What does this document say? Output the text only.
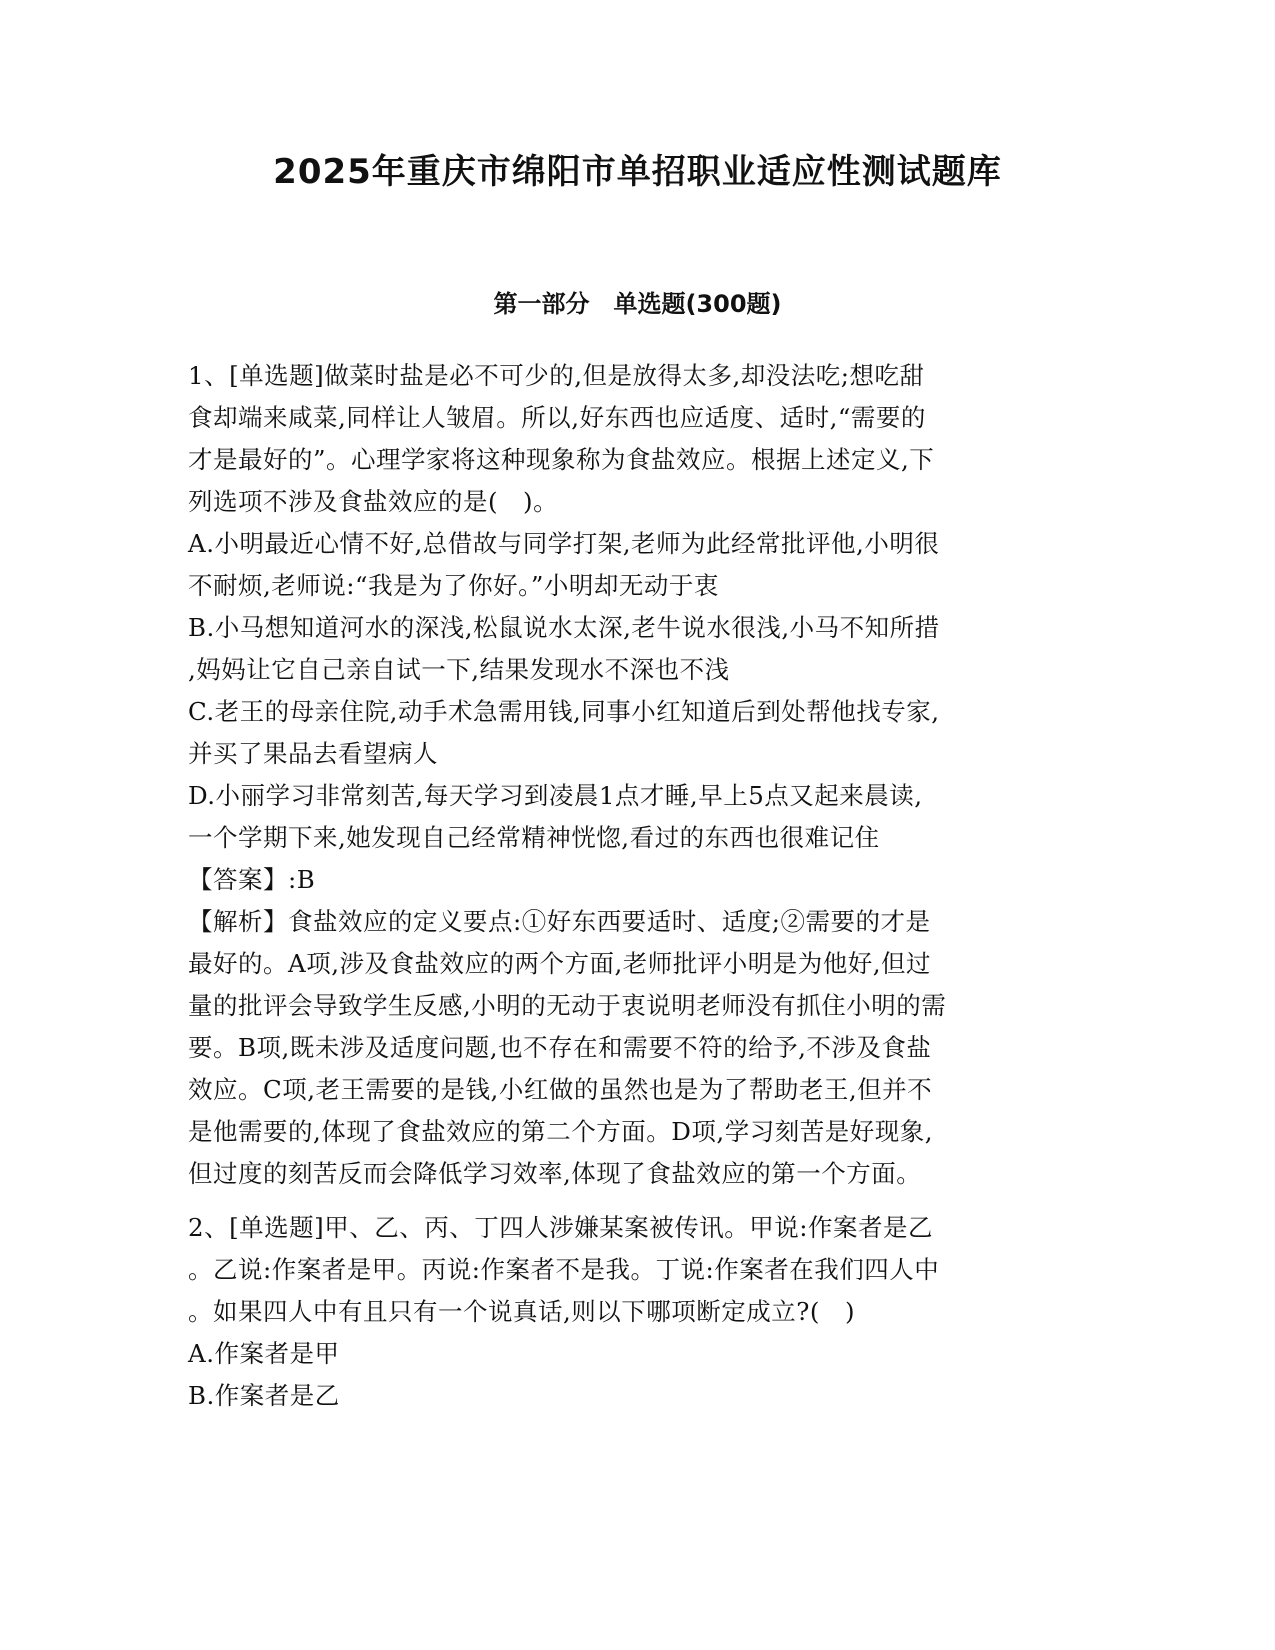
2025年重庆市绵阳市单招职业适应性测试题库
第一部分　单选题(300题)
1、[单选题]做菜时盐是必不可少的,但是放得太多,却没法吃;想吃甜
食却端来咸菜,同样让人皱眉。所以,好东西也应适度、适时,“需要的
才是最好的”。心理学家将这种现象称为食盐效应。根据上述定义,下
列选项不涉及食盐效应的是(　)。
A.小明最近心情不好,总借故与同学打架,老师为此经常批评他,小明很
不耐烦,老师说:“我是为了你好。”小明却无动于衷
B.小马想知道河水的深浅,松鼠说水太深,老牛说水很浅,小马不知所措
,妈妈让它自己亲自试一下,结果发现水不深也不浅
C.老王的母亲住院,动手术急需用钱,同事小红知道后到处帮他找专家,
并买了果品去看望病人
D.小丽学习非常刻苦,每天学习到凌晨1点才睡,早上5点又起来晨读,
一个学期下来,她发现自己经常精神恍惚,看过的东西也很难记住
【答案】:B
【解析】食盐效应的定义要点:①好东西要适时、适度;②需要的才是
最好的。A项,涉及食盐效应的两个方面,老师批评小明是为他好,但过
量的批评会导致学生反感,小明的无动于衷说明老师没有抓住小明的需
要。B项,既未涉及适度问题,也不存在和需要不符的给予,不涉及食盐
效应。C项,老王需要的是钱,小红做的虽然也是为了帮助老王,但并不
是他需要的,体现了食盐效应的第二个方面。D项,学习刻苦是好现象,
但过度的刻苦反而会降低学习效率,体现了食盐效应的第一个方面。
2、[单选题]甲、乙、丙、丁四人涉嫌某案被传讯。甲说:作案者是乙
。乙说:作案者是甲。丙说:作案者不是我。丁说:作案者在我们四人中
。如果四人中有且只有一个说真话,则以下哪项断定成立?(　)
A.作案者是甲
B.作案者是乙
